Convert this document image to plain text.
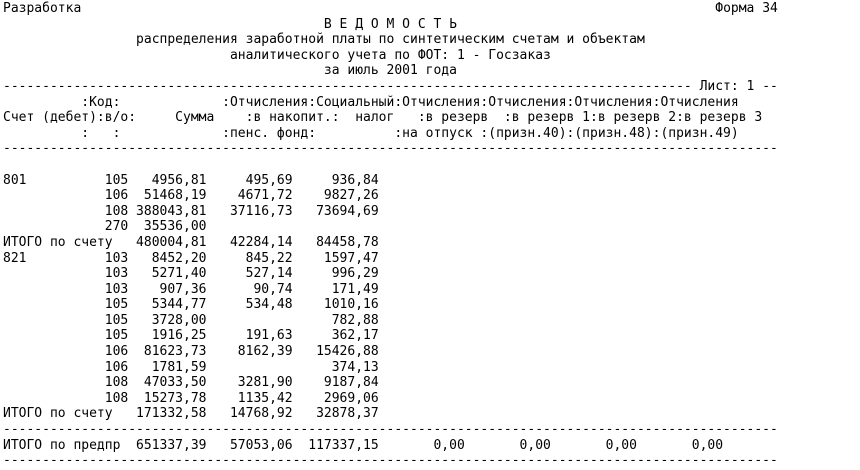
Разработка	Форма 34
В Е Д О М О С Т Ь
распределения заработной платы по синтетическим счетам и объектам
аналитического учета по ФОТ: 1 - Госзаказ
за июль 2001 года
---------------------------------------------------------------------------------------- Лист: 1 --
:Код:             :Отчисления:Социальный:Отчисления:Отчисления:Отчисления:Отчисления
Счет (дебет):в/о:     Сумма    :в накопит.:  налог   :в резерв  :в резерв 1:в резерв 2:в резерв 3
:   :             :пенс. фонд:          :на отпуск :(призн.40):(призн.48):(призн.49)
---------------------------------------------------------------------------------------------------

801          105   4956,81     495,69     936,84
106  51468,19    4671,72    9827,26
108 388043,81   37116,73   73694,69
270  35536,00
ИТОГО по счету   480004,81   42284,14   84458,78
821          103   8452,20     845,22    1597,47
103   5271,40     527,14     996,29
103    907,36      90,74     171,49
105   5344,77     534,48    1010,16
105   3728,00                782,88
105   1916,25     191,63     362,17
106  81623,73    8162,39   15426,88
106   1781,59                374,13
108  47033,50    3281,90    9187,84
108  15273,78    1135,42    2969,06
ИТОГО по счету   171332,58   14768,92   32878,37
---------------------------------------------------------------------------------------------------
ИТОГО по предпр  651337,39   57053,06  117337,15       0,00       0,00       0,00       0,00
---------------------------------------------------------------------------------------------------
